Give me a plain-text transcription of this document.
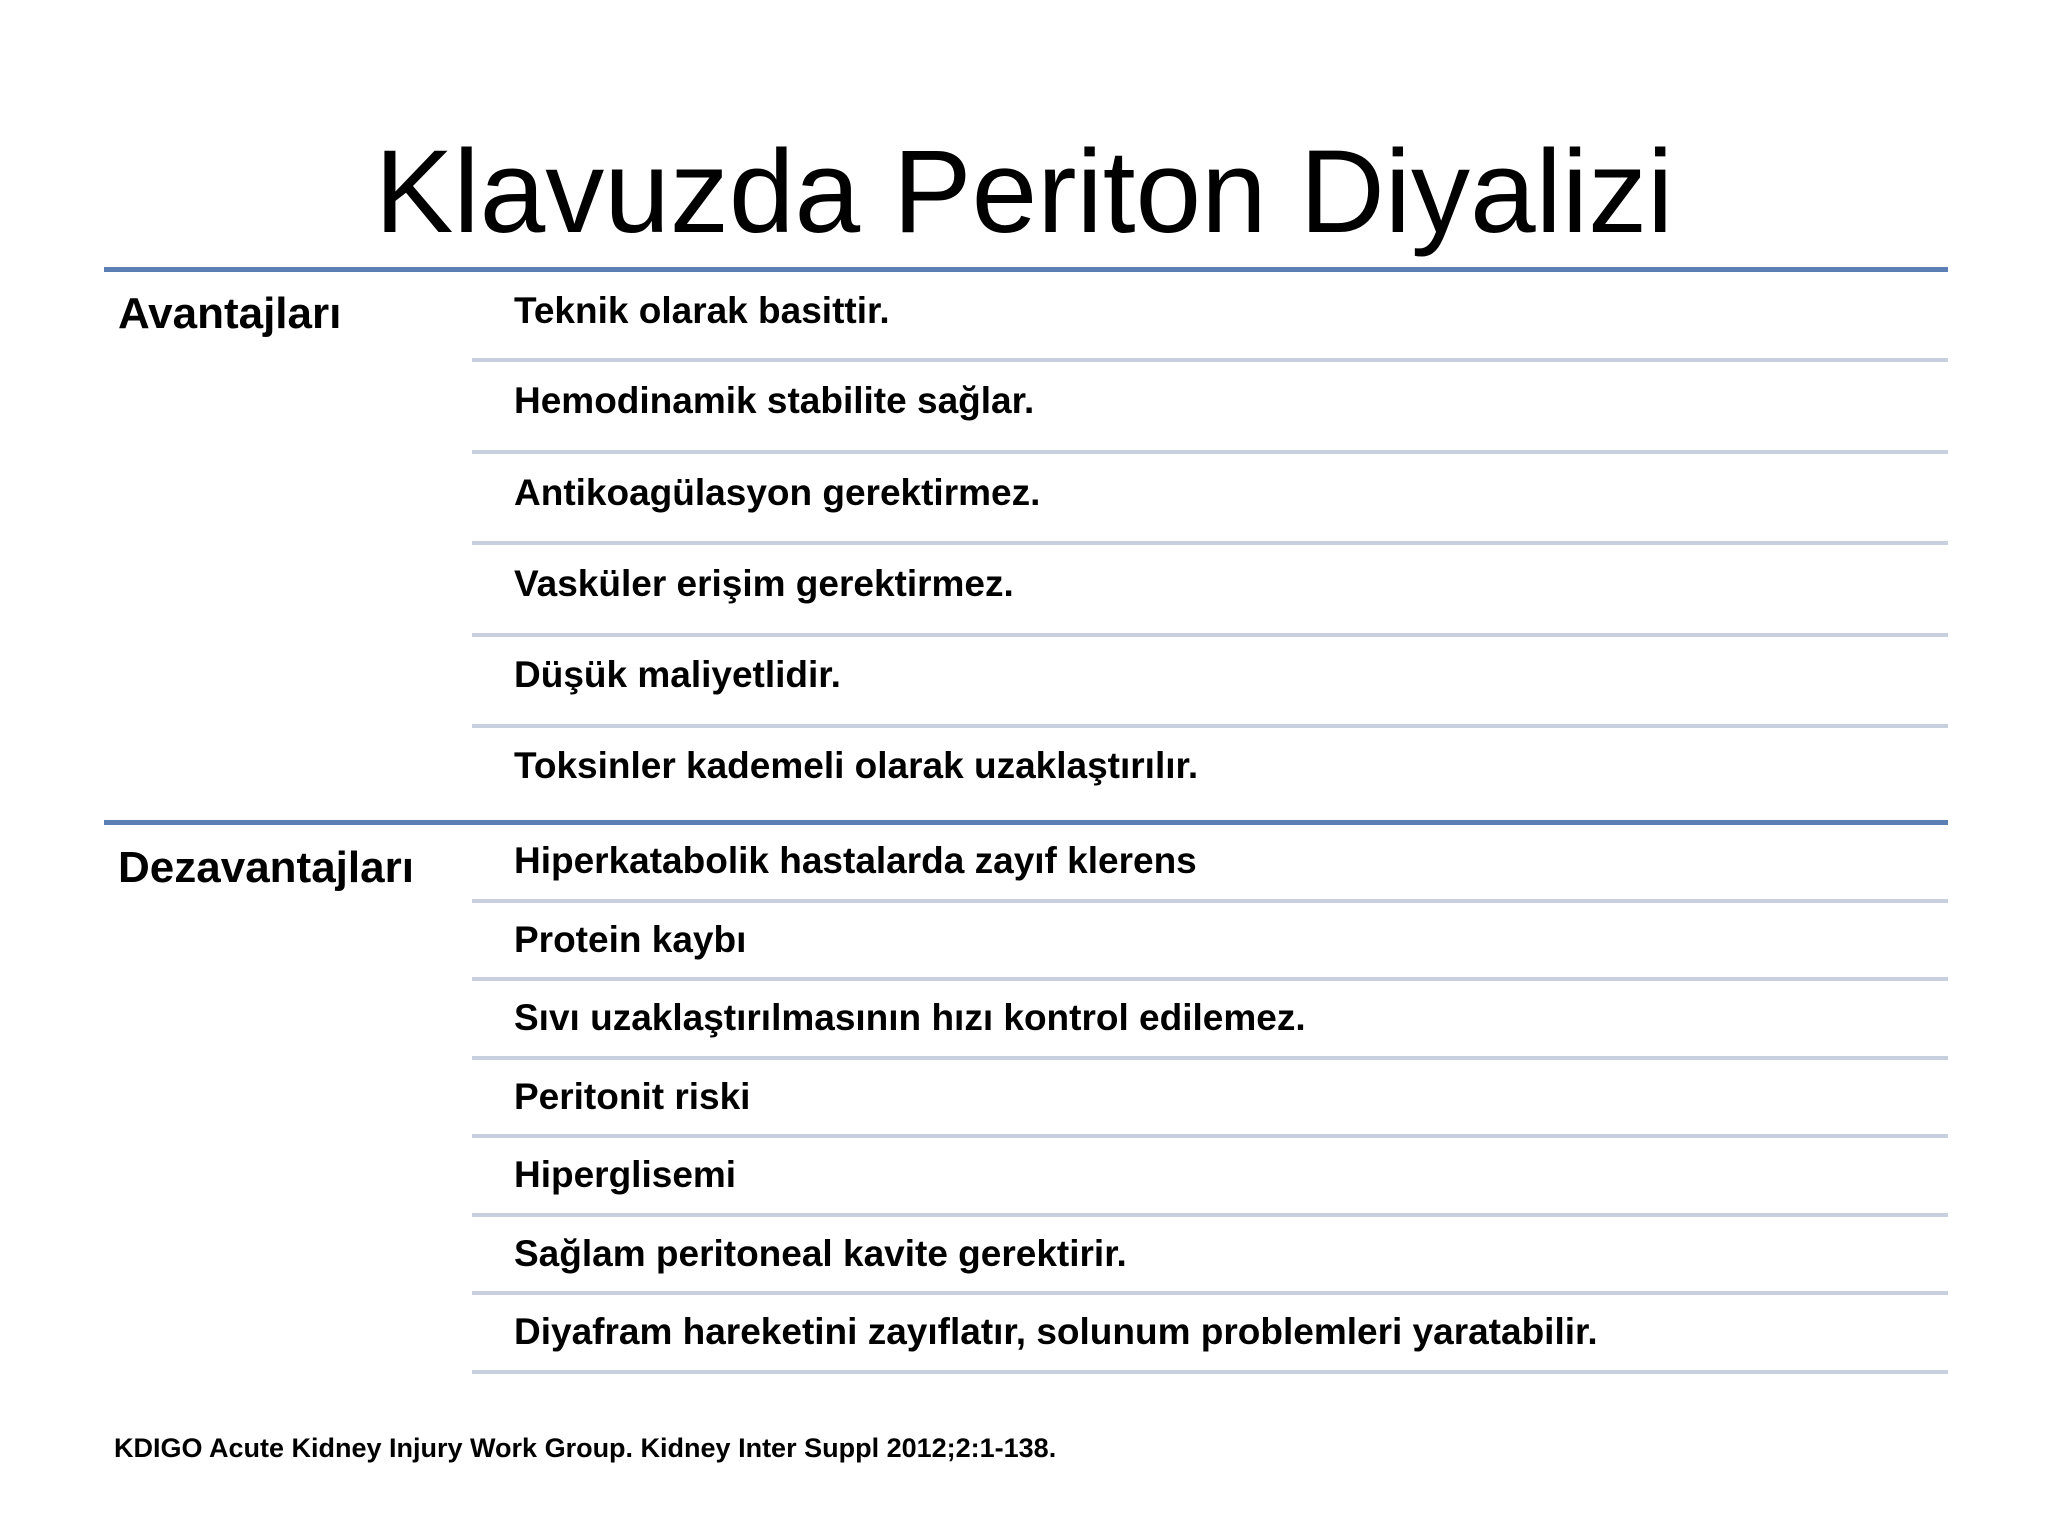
Klavuzda Periton Diyalizi
Avantajları	Teknik olarak basittir.
Hemodinamik stabilite sağlar.
Antikoagülasyon gerektirmez.
Vasküler erişim gerektirmez.
Düşük maliyetlidir.
Toksinler kademeli olarak uzaklaştırılır.
Dezavantajları	Hiperkatabolik hastalarda zayıf klerens
Protein kaybı
Sıvı uzaklaştırılmasının hızı kontrol edilemez.
Peritonit riski
Hiperglisemi
Sağlam peritoneal kavite gerektirir.
Diyafram hareketini zayıflatır, solunum problemleri yaratabilir.
KDIGO Acute Kidney Injury Work Group. Kidney Inter Suppl 2012;2:1-138.
